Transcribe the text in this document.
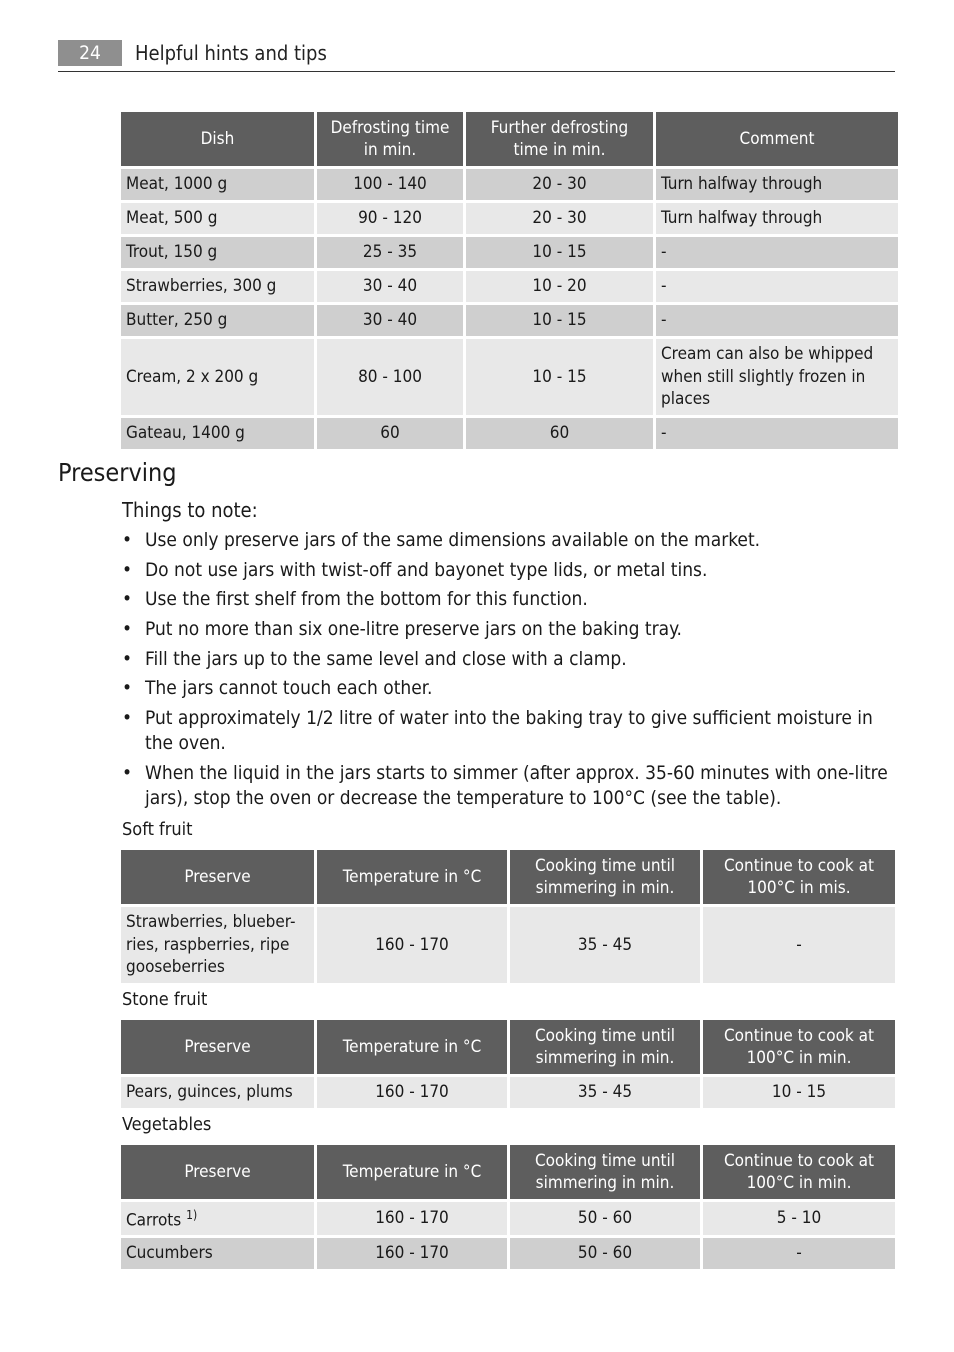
24	Helpful hints and tips
Dish	Defrosting time in min.	Further defrosting time in min.	Comment
Meat, 1000 g	100 - 140	20 - 30	Turn halfway through
Meat, 500 g	90 - 120	20 - 30	Turn halfway through
Trout, 150 g	25 - 35	10 - 15	-
Strawberries, 300 g	30 - 40	10 - 20	-
Butter, 250 g	30 - 40	10 - 15	-
Cream, 2 x 200 g	80 - 100	10 - 15	Cream can also be whipped when still slightly frozen in places
Gateau, 1400 g	60	60	-
Preserving
Things to note:
• Use only preserve jars of the same dimensions available on the market.
• Do not use jars with twist-off and bayonet type lids, or metal tins.
• Use the first shelf from the bottom for this function.
• Put no more than six one-litre preserve jars on the baking tray.
• Fill the jars up to the same level and close with a clamp.
• The jars cannot touch each other.
• Put approximately 1/2 litre of water into the baking tray to give sufficient moisture in the oven.
• When the liquid in the jars starts to simmer (after approx. 35-60 minutes with one-litre jars), stop the oven or decrease the temperature to 100°C (see the table).
Soft fruit
Preserve	Temperature in °C	Cooking time until simmering in min.	Continue to cook at 100°C in mis.
Strawberries, blueber-ries, raspberries, ripe gooseberries	160 - 170	35 - 45	-
Stone fruit
Preserve	Temperature in °C	Cooking time until simmering in min.	Continue to cook at 100°C in min.
Pears, guinces, plums	160 - 170	35 - 45	10 - 15
Vegetables
Preserve	Temperature in °C	Cooking time until simmering in min.	Continue to cook at 100°C in min.
Carrots $^{1)}$	160 - 170	50 - 60	5 - 10
Cucumbers	160 - 170	50 - 60	-
